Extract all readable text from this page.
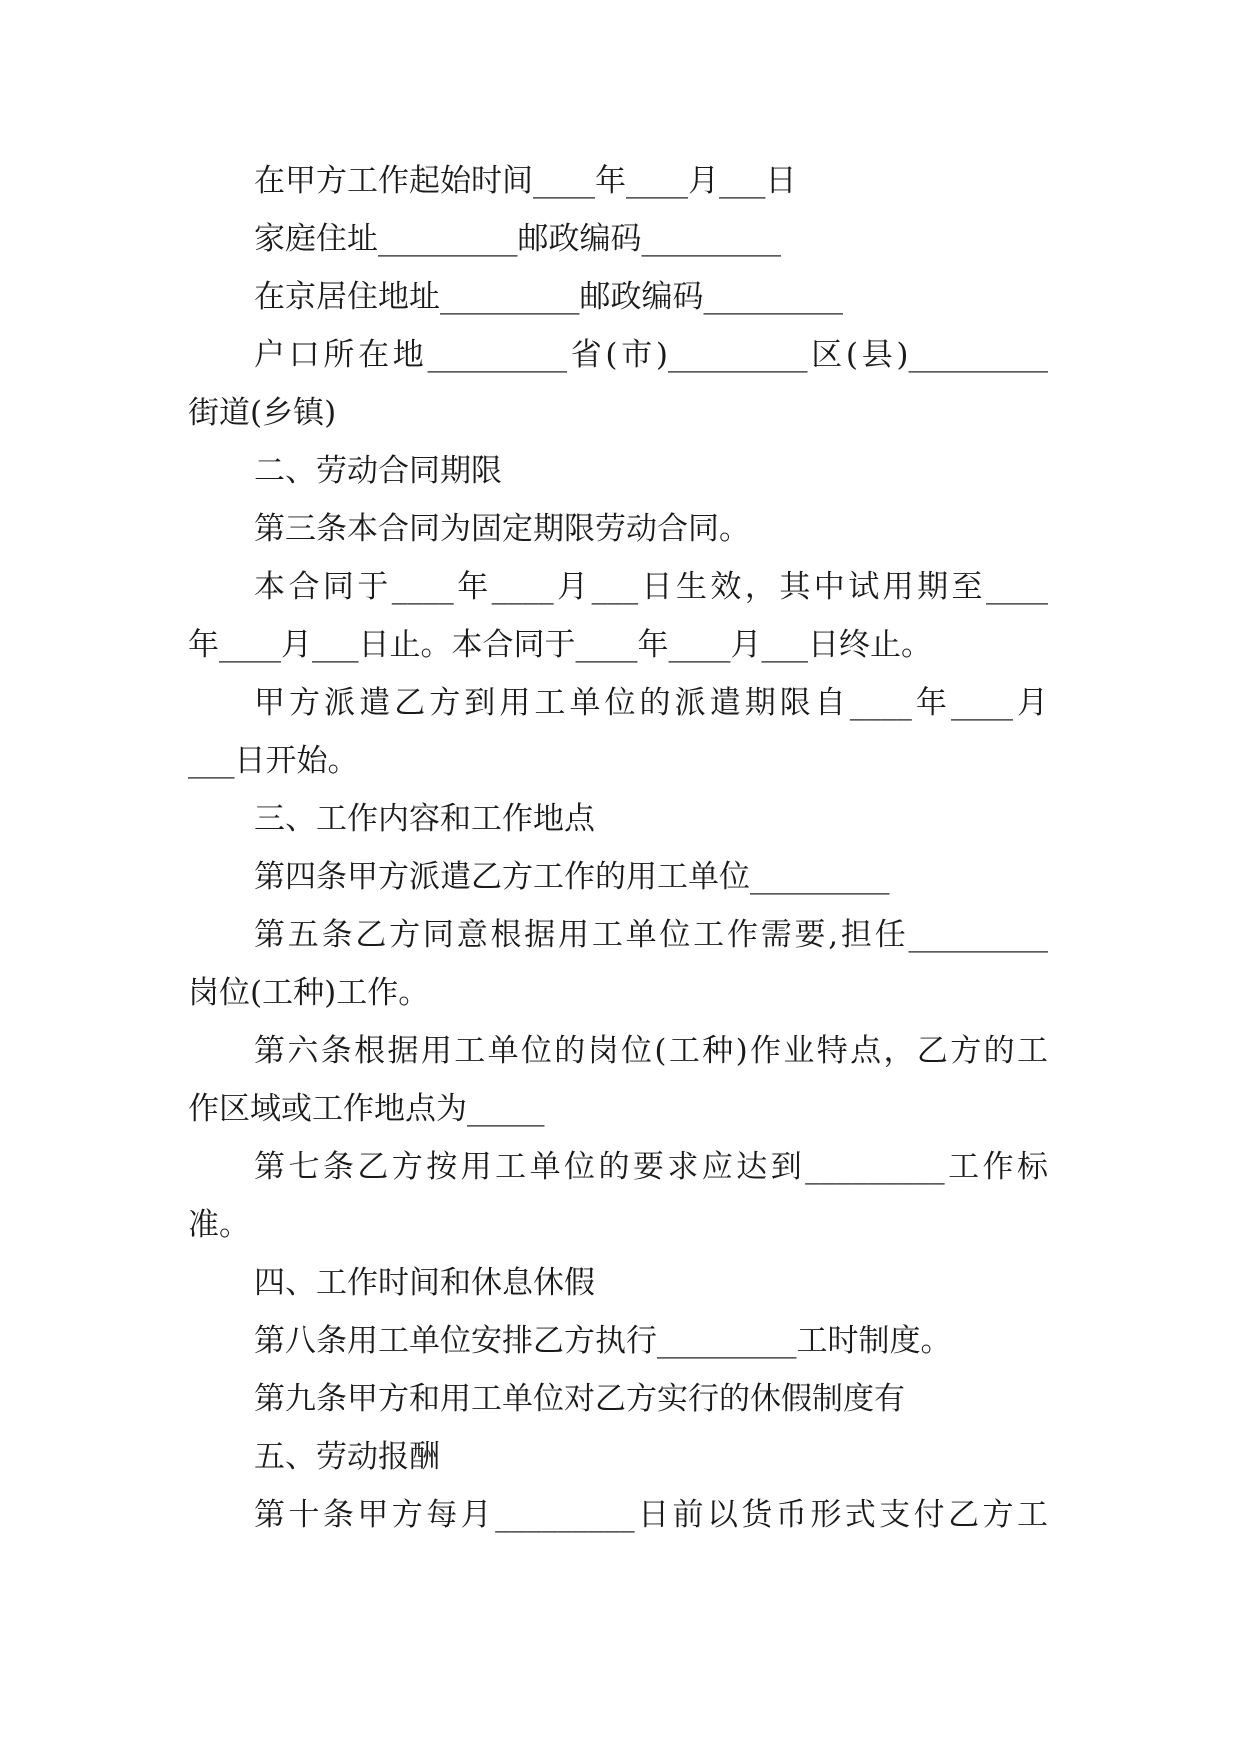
在甲方工作起始时间____年____月___日
家庭住址_________邮政编码_________
在京居住地址_________邮政编码_________
户口所在地_________省(市)_________区(县)_________
街道(乡镇)
二、劳动合同期限
第三条本合同为固定期限劳动合同。
本合同于____年____月___日生效，其中试用期至____
年____月___日止。本合同于____年____月___日终止。
甲方派遣乙方到用工单位的派遣期限自____年____月
___日开始。
三、工作内容和工作地点
第四条甲方派遣乙方工作的用工单位_________
第五条乙方同意根据用工单位工作需要,担任_________
岗位(工种)工作。
第六条根据用工单位的岗位(工种)作业特点，乙方的工
作区域或工作地点为_____
第七条乙方按用工单位的要求应达到_________工作标
准。
四、工作时间和休息休假
第八条用工单位安排乙方执行_________工时制度。
第九条甲方和用工单位对乙方实行的休假制度有
五、劳动报酬
第十条甲方每月_________日前以货币形式支付乙方工
